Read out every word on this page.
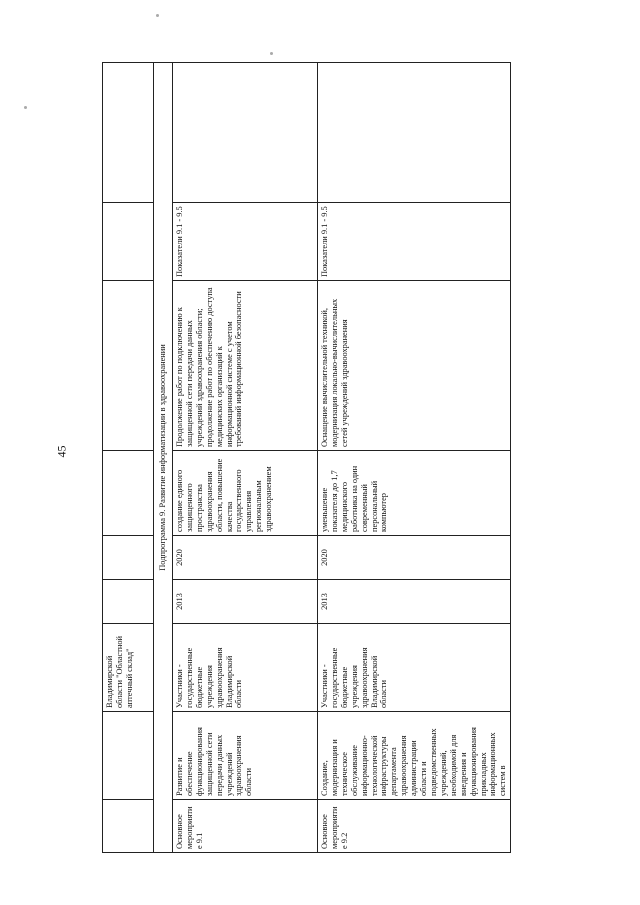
45
		Владимирской области "Областной аптечный склад"						
Подпрограмма 9. Развитие информатизации в здравоохранении								
Основное мероприятие 9.1	Развитие и обеспечение функционирования защищенной сети передачи данных учреждений здравоохранения области	Участники - государственные бюджетные учреждения здравоохранения Владимирской области	2013	2020	создание единого защищенного пространства здравоохранения области, повышение качества государственного управления региональным здравоохранением	Продолжение работ по подключению к защищенной сети передачи данных учреждений здравоохранения области; продолжение работ по обеспечению доступа медицинских организаций к информационной системе с учетом требований информационной безопасности	Показатели 9.1 - 9.5	
Основное мероприятие 9.2	Создание, модернизация и техническое обслуживание информационно-технологической инфраструктуры департамента здравоохранения администрации области и подведомственных учреждений, необходимой для внедрения и функционирования прикладных информационных систем в	Участники - государственные бюджетные учреждения здравоохранения Владимирской области	2013	2020	уменьшение показателя до 1,7 медицинского работника на один современный персональный компьютер	Оснащение вычислительной техникой, модернизация локально-вычислительных сетей учреждений здравоохранения	Показатели 9.1 - 9.5	
